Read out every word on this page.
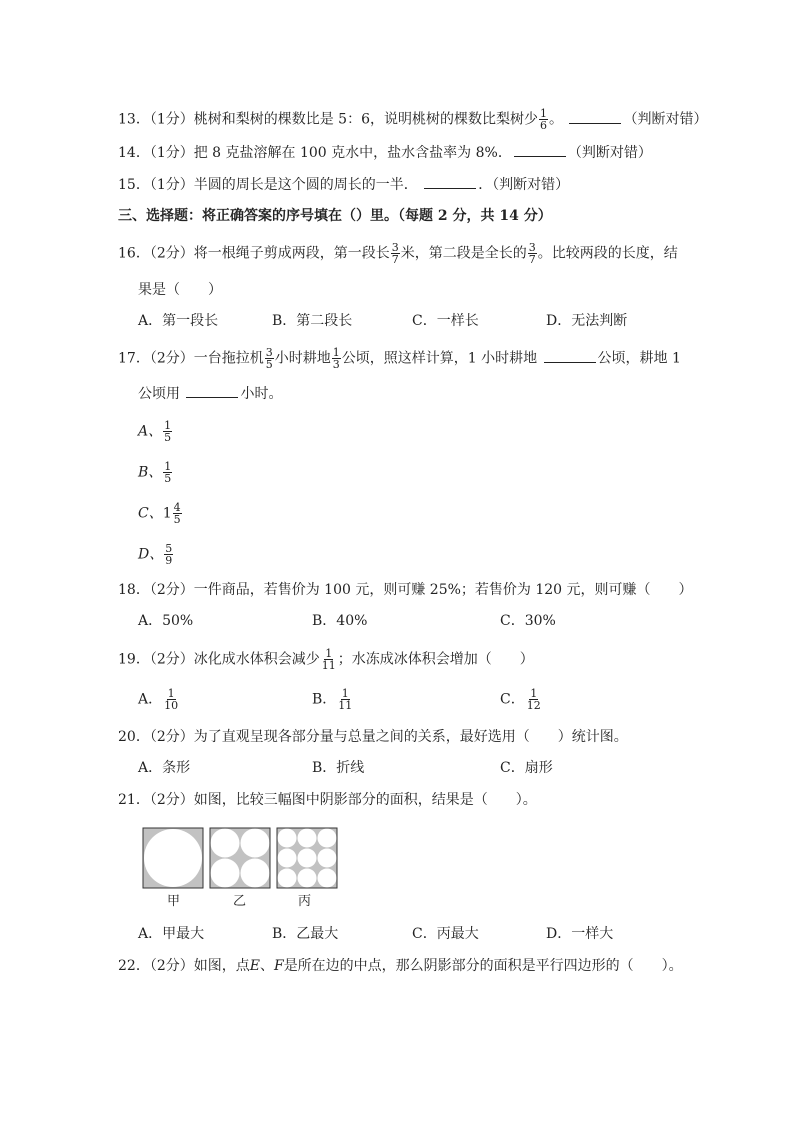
13．（1分）桃树和梨树的棵数比是 5：6，说明桃树的棵数比梨树少 $\frac{1}{6}$ 。	（判断对错）
14．（1分）把 8 克盐溶解在 100 克水中，盐水含盐率为 8%．	（判断对错）
15．（1分）半圆的周长是这个圆的周长的一半．	．（判断对错）
三、选择题：将正确答案的序号填在（）里。（每题 2 分，共 14 分）
16．（2分）将一根绳子剪成两段，第一段长 $\frac{3}{7}$ 米，第二段是全长的 $\frac{3}{7}$ 。比较两段的长度，结
果是（　　）
A．第一段长	B．第二段长	C．一样长	D．无法判断
17．（2分）一台拖拉机 $\frac{3}{5}$ 小时耕地 $\frac{1}{3}$ 公顷，照这样计算，1 小时耕地	公顷，耕地 1
公顷用	小时。
A、 $\frac{1}{5}$
B、 $\frac{1}{5}$
C、$1 \frac{4}{5}$
D、 $\frac{5}{9}$
18．（2分）一件商品，若售价为 100 元，则可赚 25%；若售价为 120 元，则可赚（　　）
A．50%	B．40%	C．30%
19．（2分）冰化成水体积会减少 $\frac{1}{11}$ ；水冻成冰体积会增加（　　）
A． $\frac{1}{10}$	B． $\frac{1}{11}$	C． $\frac{1}{12}$
20．（2分）为了直观呈现各部分量与总量之间的关系，最好选用（　　）统计图。
A．条形	B．折线	C．扇形
21．（2分）如图，比较三幅图中阴影部分的面积，结果是（　　）。
甲	乙	丙
A．甲最大	B．乙最大	C．丙最大	D．一样大
22．（2分）如图，点E、F是所在边的中点，那么阴影部分的面积是平行四边形的（　　）。
